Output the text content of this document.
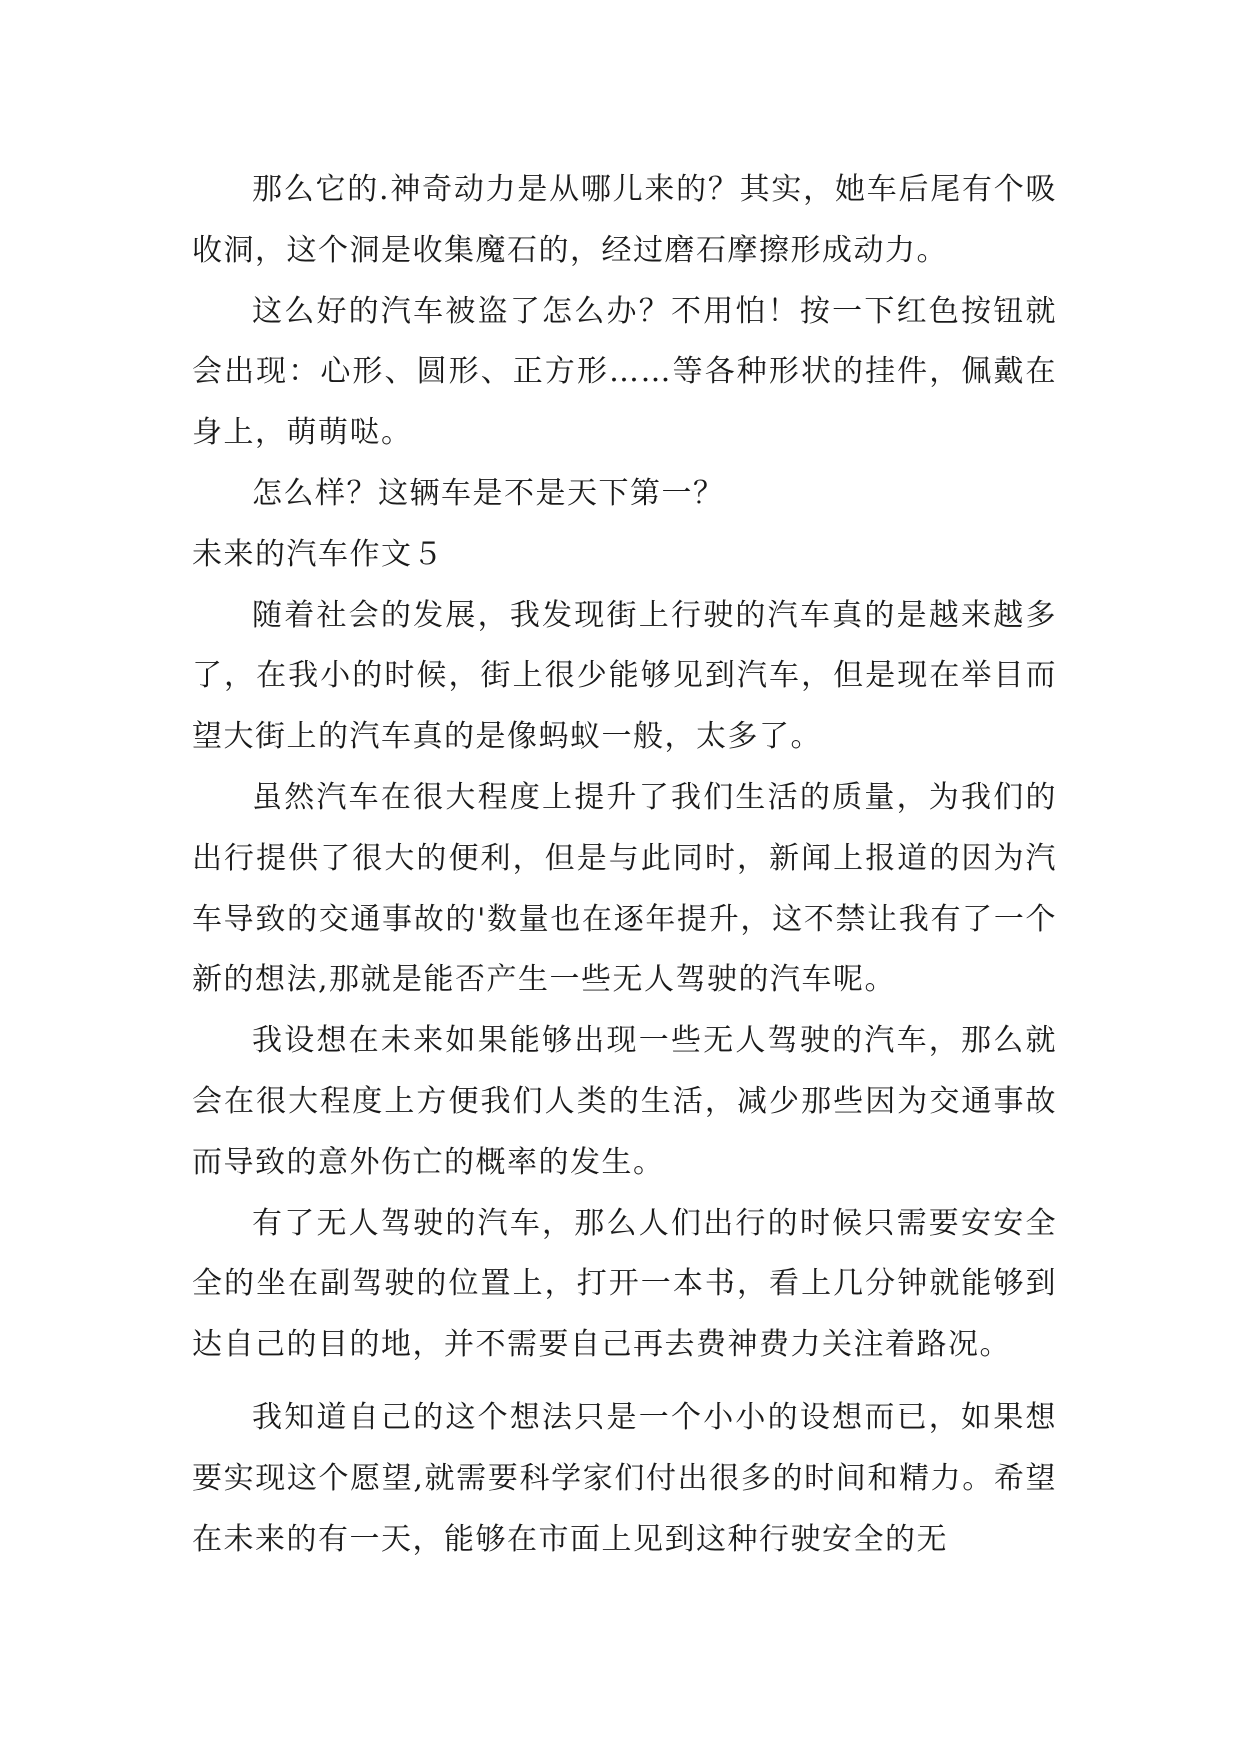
那么它的.神奇动力是从哪儿来的？其实，她车后尾有个吸收洞，这个洞是收集魔石的，经过磨石摩擦形成动力。

这么好的汽车被盗了怎么办？不用怕！按一下红色按钮就会出现：心形、圆形、正方形……等各种形状的挂件，佩戴在身上，萌萌哒。

怎么样？这辆车是不是天下第一？

未来的汽车作文５

随着社会的发展，我发现街上行驶的汽车真的是越来越多了，在我小的时候，街上很少能够见到汽车，但是现在举目而望大街上的汽车真的是像蚂蚁一般，太多了。

虽然汽车在很大程度上提升了我们生活的质量，为我们的出行提供了很大的便利，但是与此同时，新闻上报道的因为汽车导致的交通事故的'数量也在逐年提升，这不禁让我有了一个新的想法,那就是能否产生一些无人驾驶的汽车呢。

我设想在未来如果能够出现一些无人驾驶的汽车，那么就会在很大程度上方便我们人类的生活，减少那些因为交通事故而导致的意外伤亡的概率的发生。

有了无人驾驶的汽车，那么人们出行的时候只需要安安全全的坐在副驾驶的位置上，打开一本书，看上几分钟就能够到达自己的目的地，并不需要自己再去费神费力关注着路况。

我知道自己的这个想法只是一个小小的设想而已，如果想要实现这个愿望,就需要科学家们付出很多的时间和精力。希望在未来的有一天，能够在市面上见到这种行驶安全的无
